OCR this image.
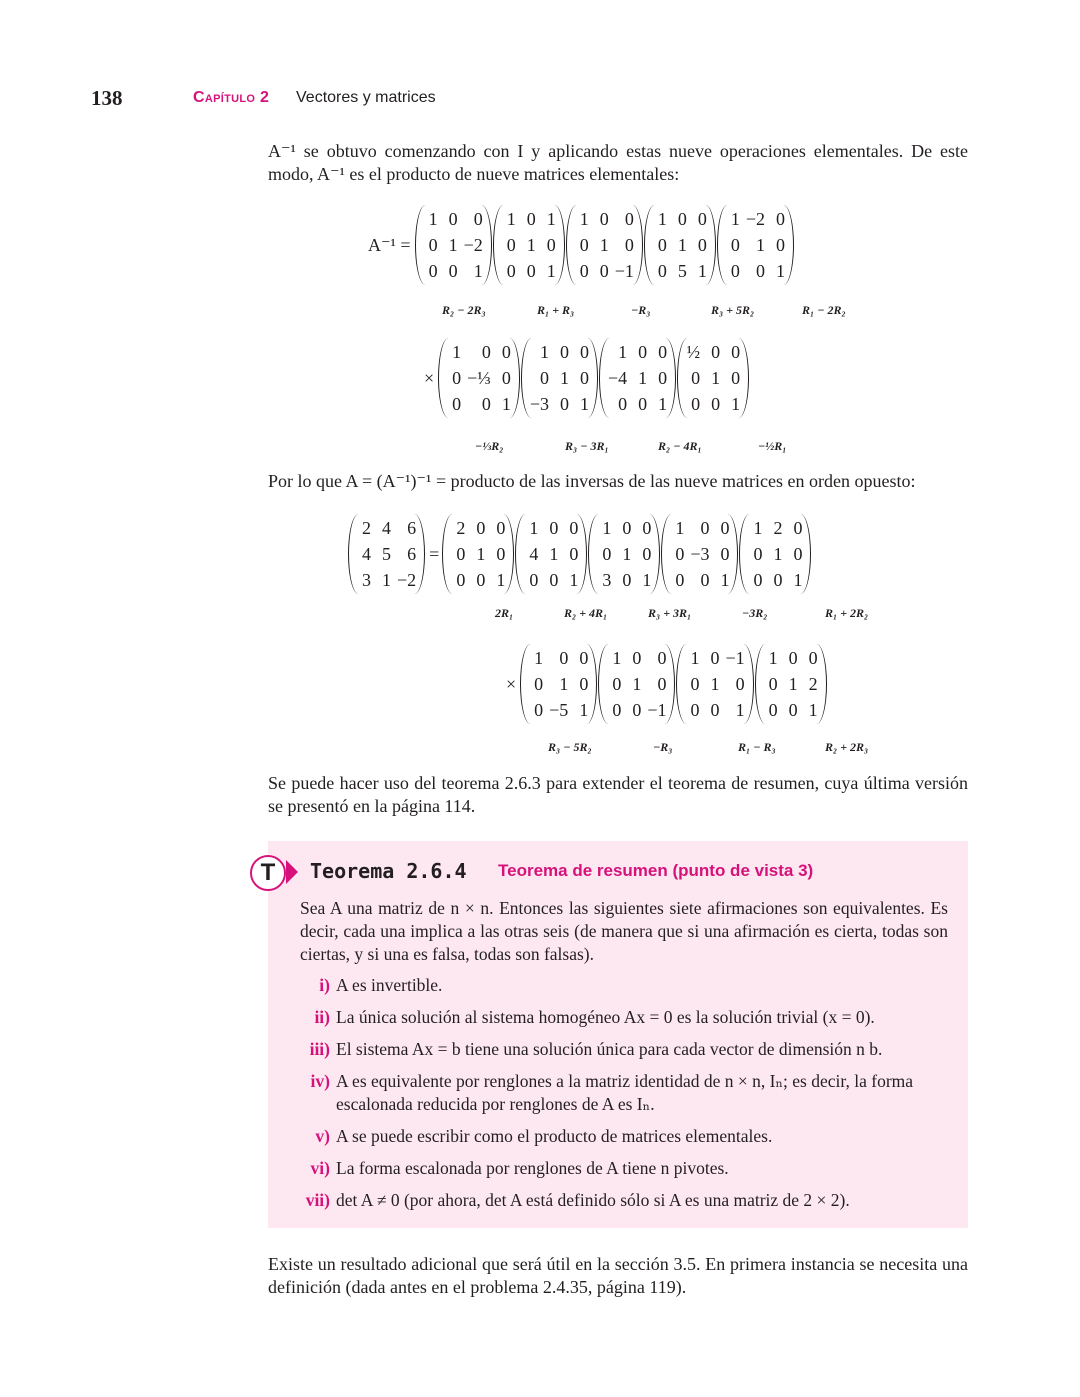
138	Capítulo 2 Vectores y matrices
A⁻¹ se obtuvo comenzando con I y aplicando estas nueve operaciones elementales. De este modo, A⁻¹ es el producto de nueve matrices elementales:
A⁻¹ =
1 0 0
0 1 −2
0 0 1
1 0 1
0 1 0
0 0 1
1 0 0
0 1 0
0 0 −1
1 0 0
0 1 0
0 5 1
1 −2 0
0 1 0
0 0 1
R₂ − 2R₃	R₁ + R₃	−R₃	R₃ + 5R₂	R₁ − 2R₂
×
1	0 0
0 −⅓ 0
0	0 1
1 0 0
0 1 0
−3 0 1
1 0 0
−4 1 0
0 0 1
½ 0 0
0 1 0
0 0 1
−⅓R₂	R₃ − 3R₁	R₂ − 4R₁	−½R₁
Por lo que A = (A⁻¹)⁻¹ = producto de las inversas de las nueve matrices en orden opuesto:
2 4 6
4 5 6
3 1 −2
=
2 0 0
0 1 0
0 0 1
1 0 0
4 1 0
0 0 1
1 0 0
0 1 0
3 0 1
1 0 0
0 −3 0
0 0 1
1 2 0
0 1 0
0 0 1
2R₁	R₂ + 4R₁	R₃ + 3R₁	−3R₂	R₁ + 2R₂
×
1 0 0
0 1 0
0 −5 1
1 0 0
0 1 0
0 0 −1
1 0 −1
0 1 0
0 0 1
1 0 0
0 1 2
0 0 1
R₃ − 5R₂	−R₃	R₁ − R₃	R₂ + 2R₃
Se puede hacer uso del teorema 2.6.3 para extender el teorema de resumen, cuya última versión se presentó en la página 114.
T	Teorema 2.6.4 Teorema de resumen (punto de vista 3)
Sea A una matriz de n × n. Entonces las siguientes siete afirmaciones son equivalentes. Es decir, cada una implica a las otras seis (de manera que si una afirmación es cierta, todas son ciertas, y si una es falsa, todas son falsas).
i) A es invertible.
ii) La única solución al sistema homogéneo Ax = 0 es la solución trivial (x = 0).
iii) El sistema Ax = b tiene una solución única para cada vector de dimensión n b.
iv) A es equivalente por renglones a la matriz identidad de n × n, Iₙ; es decir, la forma escalonada reducida por renglones de A es Iₙ.
v) A se puede escribir como el producto de matrices elementales.
vi) La forma escalonada por renglones de A tiene n pivotes.
vii) det A ≠ 0 (por ahora, det A está definido sólo si A es una matriz de 2 × 2).
Existe un resultado adicional que será útil en la sección 3.5. En primera instancia se necesita una definición (dada antes en el problema 2.4.35, página 119).
